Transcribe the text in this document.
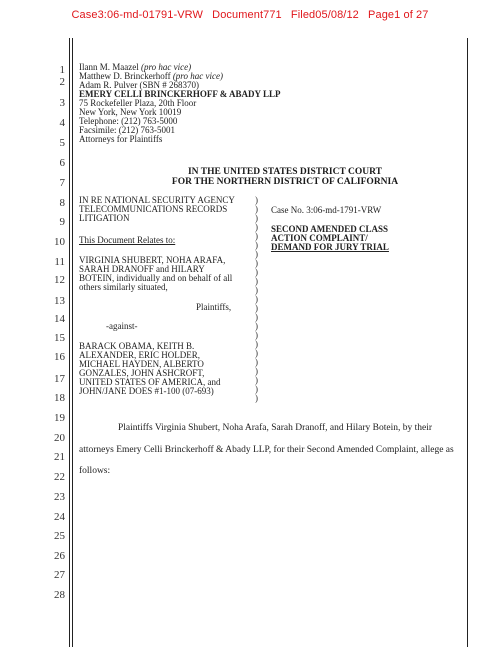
Case3:06-md-01791-VRW Document771 Filed05/08/12 Page1 of 27
1
2
3
4
5
6
7
8
9
10
11
12
13
14
15
16
17
18
19
20
21
22
23
24
25
26
27
28
Ilann M. Maazel (pro hac vice)
Matthew D. Brinckerhoff (pro hac vice)
Adam R. Pulver (SBN # 268370)
EMERY CELLI BRINCKERHOFF & ABADY LLP
75 Rockefeller Plaza, 20th Floor
New York, New York 10019
Telephone: (212) 763-5000
Facsimile: (212) 763-5001
Attorneys for Plaintiffs
IN THE UNITED STATES DISTRICT COURT
FOR THE NORTHERN DISTRICT OF CALIFORNIA
IN RE NATIONAL SECURITY AGENCY
TELECOMMUNICATIONS RECORDS
LITIGATION
This Document Relates to:
VIRGINIA SHUBERT, NOHA ARAFA,
SARAH DRANOFF and HILARY
BOTEIN, individually and on behalf of all
others similarly situated,
Plaintiffs,
-against-
BARACK OBAMA, KEITH B.
ALEXANDER, ERIC HOLDER,
MICHAEL HAYDEN, ALBERTO
GONZALES, JOHN ASHCROFT,
UNITED STATES OF AMERICA, and
JOHN/JANE DOES #1-100 (07-693)
)
)
)
)
)
)
)
)
)
)
)
)
)
)
)
)
)
)
)
)
)
)
)
Case No. 3:06-md-1791-VRW
SECOND AMENDED CLASS
ACTION COMPLAINT/
DEMAND FOR JURY TRIAL
Plaintiffs Virginia Shubert, Noha Arafa, Sarah Dranoff, and Hilary Botein, by their
attorneys Emery Celli Brinckerhoff & Abady LLP, for their Second Amended Complaint, allege as
follows:
